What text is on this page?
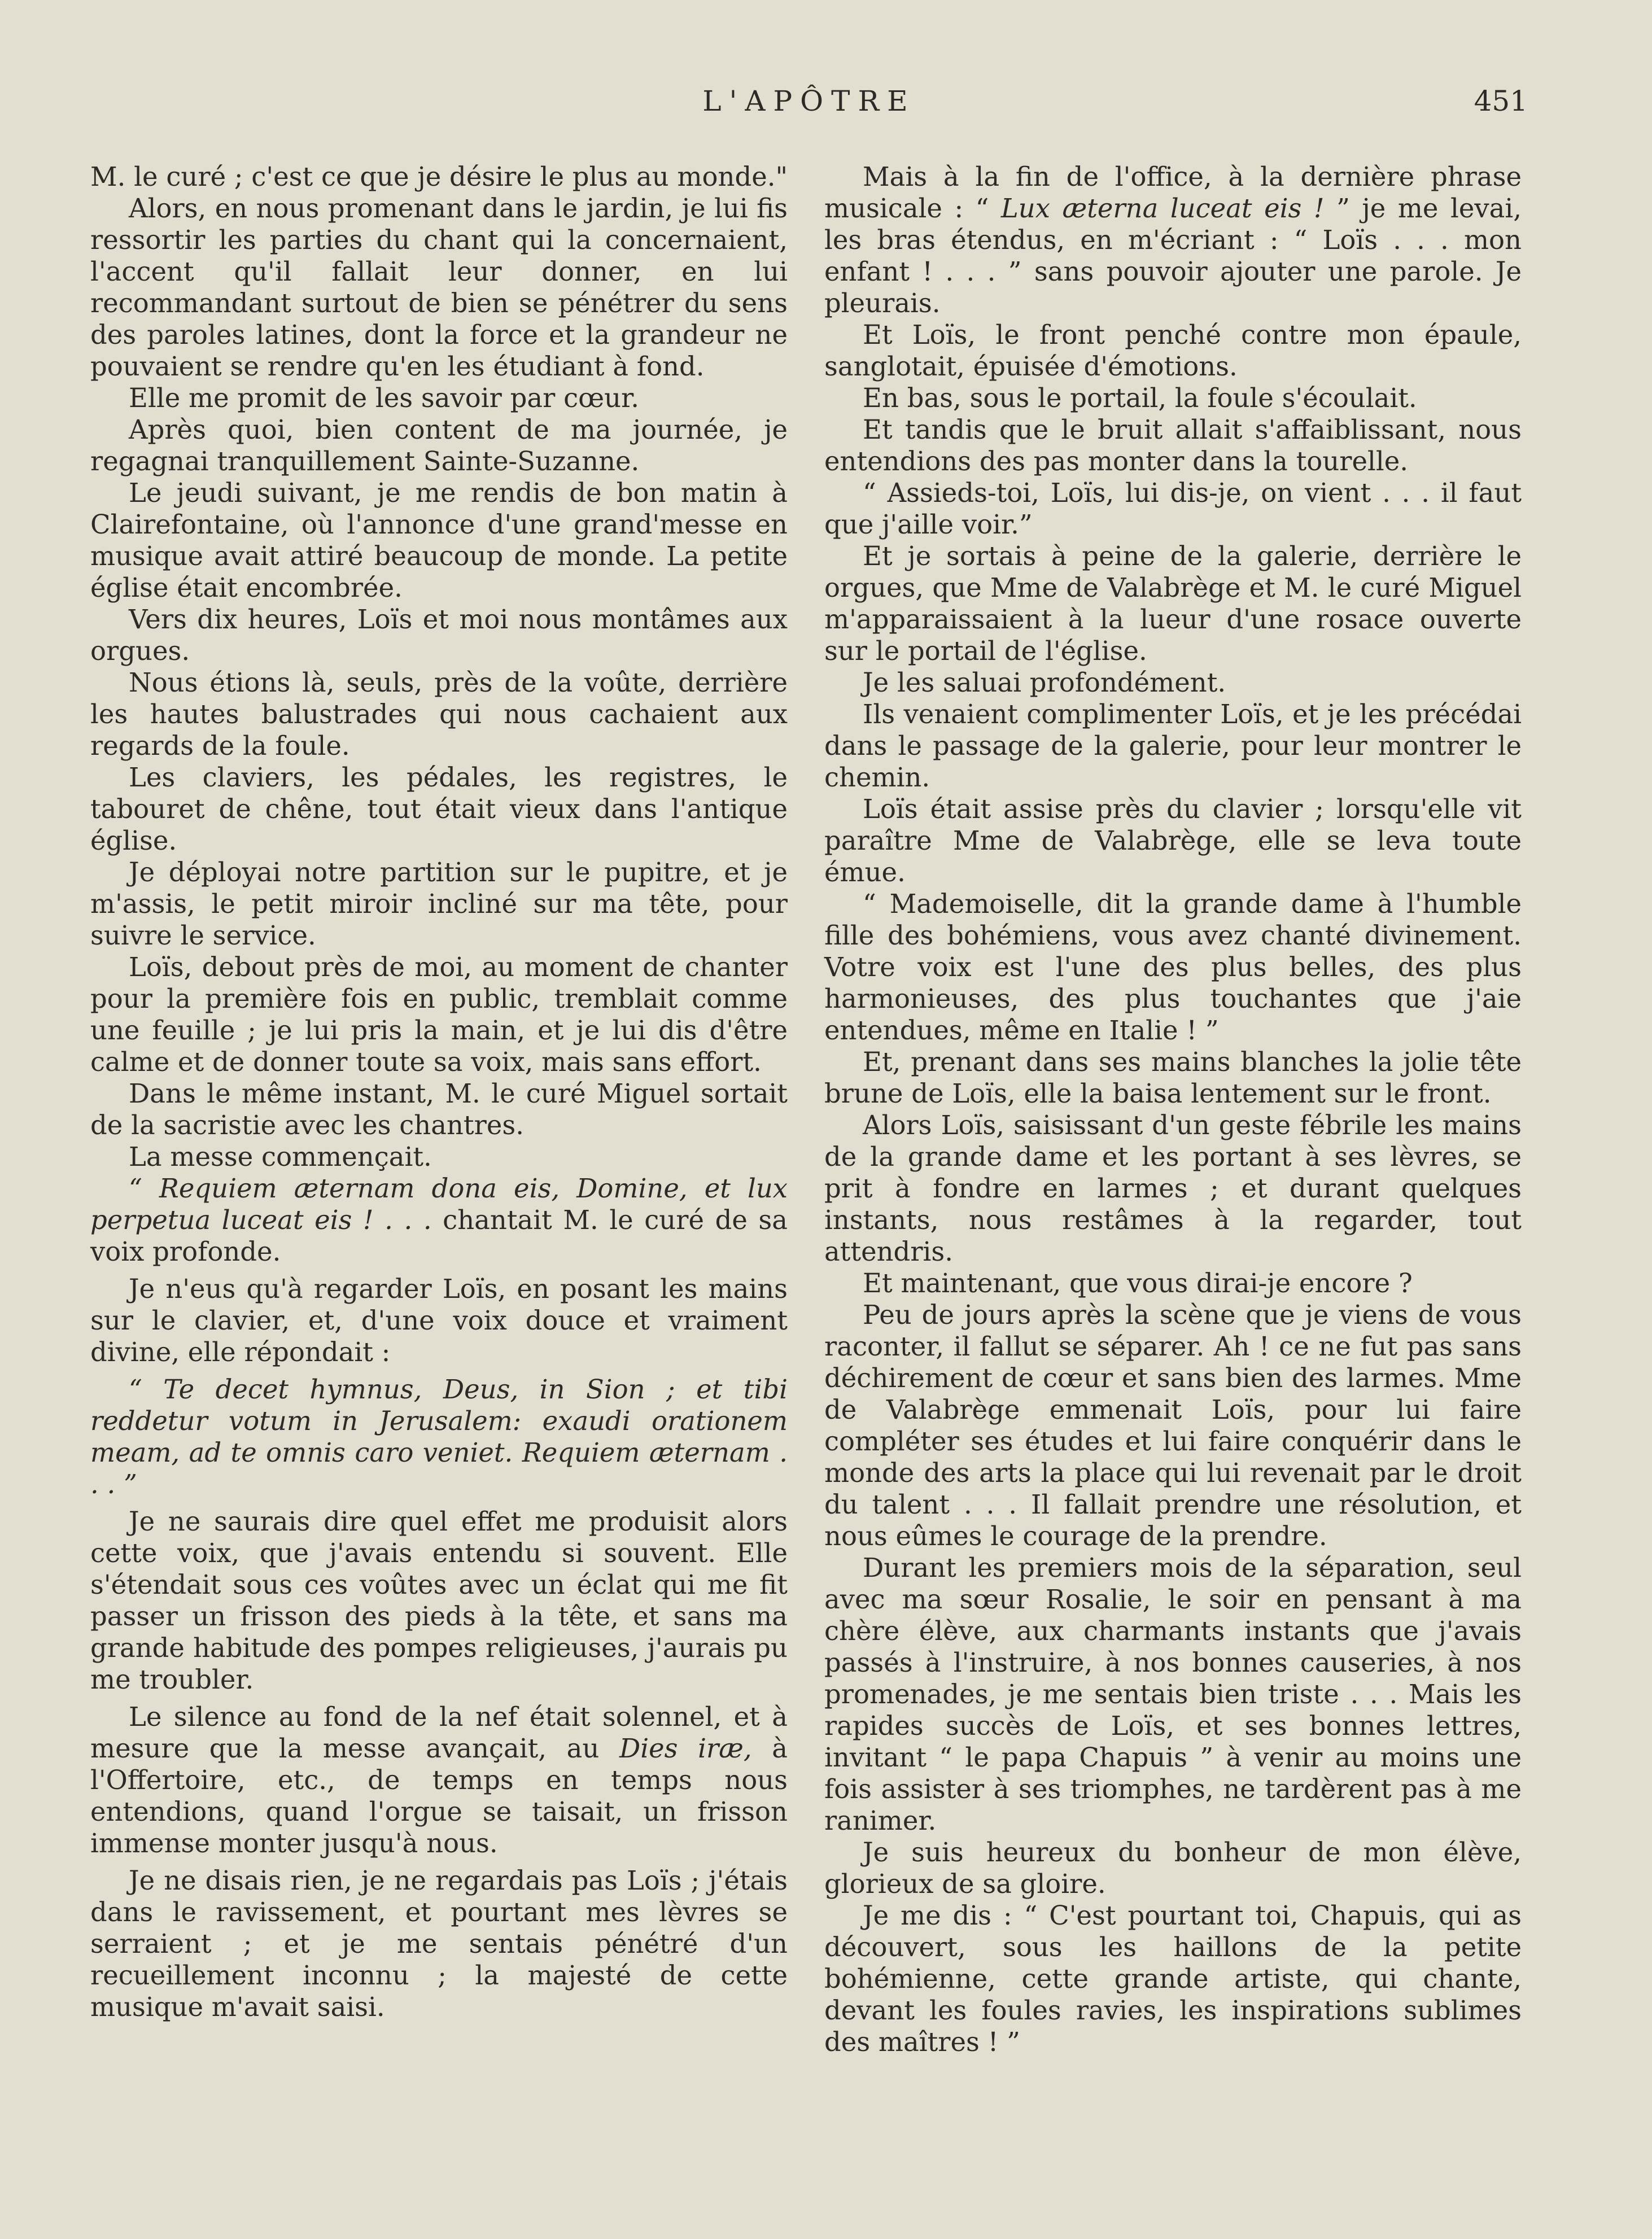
L'APÔTRE	451

M. le curé ; c'est ce que je désire le plus au monde."

Alors, en nous promenant dans le jardin, je lui fis ressortir les parties du chant qui la concernaient, l'accent qu'il fallait leur donner, en lui recommandant surtout de bien se pénétrer du sens des paroles latines, dont la force et la grandeur ne pouvaient se rendre qu'en les étudiant à fond.

Elle me promit de les savoir par cœur.

Après quoi, bien content de ma journée, je regagnai tranquillement Sainte-Suzanne.

Le jeudi suivant, je me rendis de bon matin à Clairefontaine, où l'annonce d'une grand'messe en musique avait attiré beaucoup de monde. La petite église était encombrée.

Vers dix heures, Loïs et moi nous montâmes aux orgues.

Nous étions là, seuls, près de la voûte, derrière les hautes balustrades qui nous cachaient aux regards de la foule.

Les claviers, les pédales, les registres, le tabouret de chêne, tout était vieux dans l'antique église.

Je déployai notre partition sur le pupitre, et je m'assis, le petit miroir incliné sur ma tête, pour suivre le service.

Loïs, debout près de moi, au moment de chanter pour la première fois en public, tremblait comme une feuille ; je lui pris la main, et je lui dis d'être calme et de donner toute sa voix, mais sans effort.

Dans le même instant, M. le curé Miguel sortait de la sacristie avec les chantres.

La messe commençait.

“ Requiem æternam dona eis, Domine, et lux perpetua luceat eis ! . . . chantait M. le curé de sa voix profonde.

Je n'eus qu'à regarder Loïs, en posant les mains sur le clavier, et, d'une voix douce et vraiment divine, elle répondait :

“ Te decet hymnus, Deus, in Sion ; et tibi reddetur votum in Jerusalem: exaudi orationem meam, ad te omnis caro veniet. Requiem æternam . . . ”

Je ne saurais dire quel effet me produisit alors cette voix, que j'avais entendu si souvent. Elle s'étendait sous ces voûtes avec un éclat qui me fit passer un frisson des pieds à la tête, et sans ma grande habitude des pompes religieuses, j'aurais pu me troubler.

Le silence au fond de la nef était solennel, et à mesure que la messe avançait, au Dies iræ, à l'Offertoire, etc., de temps en temps nous entendions, quand l'orgue se taisait, un frisson immense monter jusqu'à nous.

Je ne disais rien, je ne regardais pas Loïs ; j'étais dans le ravissement, et pourtant mes lèvres se serraient ; et je me sentais pénétré d'un recueillement inconnu ; la majesté de cette musique m'avait saisi.

Mais à la fin de l'office, à la dernière phrase musicale : “ Lux æterna luceat eis ! ” je me levai, les bras étendus, en m'écriant : “ Loïs . . . mon enfant ! . . . ” sans pouvoir ajouter une parole. Je pleurais.

Et Loïs, le front penché contre mon épaule, sanglotait, épuisée d'émotions.

En bas, sous le portail, la foule s'écoulait.

Et tandis que le bruit allait s'affaiblissant, nous entendions des pas monter dans la tourelle.

“ Assieds-toi, Loïs, lui dis-je, on vient . . . il faut que j'aille voir.”

Et je sortais à peine de la galerie, derrière le orgues, que Mme de Valabrège et M. le curé Miguel m'apparaissaient à la lueur d'une rosace ouverte sur le portail de l'église.

Je les saluai profondément.

Ils venaient complimenter Loïs, et je les précédai dans le passage de la galerie, pour leur montrer le chemin.

Loïs était assise près du clavier ; lorsqu'elle vit paraître Mme de Valabrège, elle se leva toute émue.

“ Mademoiselle, dit la grande dame à l'humble fille des bohémiens, vous avez chanté divinement. Votre voix est l'une des plus belles, des plus harmonieuses, des plus touchantes que j'aie entendues, même en Italie ! ”

Et, prenant dans ses mains blanches la jolie tête brune de Loïs, elle la baisa lentement sur le front.

Alors Loïs, saisissant d'un geste fébrile les mains de la grande dame et les portant à ses lèvres, se prit à fondre en larmes ; et durant quelques instants, nous restâmes à la regarder, tout attendris.

Et maintenant, que vous dirai-je encore ?

Peu de jours après la scène que je viens de vous raconter, il fallut se séparer. Ah ! ce ne fut pas sans déchirement de cœur et sans bien des larmes. Mme de Valabrège emmenait Loïs, pour lui faire compléter ses études et lui faire conquérir dans le monde des arts la place qui lui revenait par le droit du talent . . . Il fallait prendre une résolution, et nous eûmes le courage de la prendre.

Durant les premiers mois de la séparation, seul avec ma sœur Rosalie, le soir en pensant à ma chère élève, aux charmants instants que j'avais passés à l'instruire, à nos bonnes causeries, à nos promenades, je me sentais bien triste . . . Mais les rapides succès de Loïs, et ses bonnes lettres, invitant “ le papa Chapuis ” à venir au moins une fois assister à ses triomphes, ne tardèrent pas à me ranimer.

Je suis heureux du bonheur de mon élève, glorieux de sa gloire.

Je me dis : “ C'est pourtant toi, Chapuis, qui as découvert, sous les haillons de la petite bohémienne, cette grande artiste, qui chante, devant les foules ravies, les inspirations sublimes des maîtres ! ”
